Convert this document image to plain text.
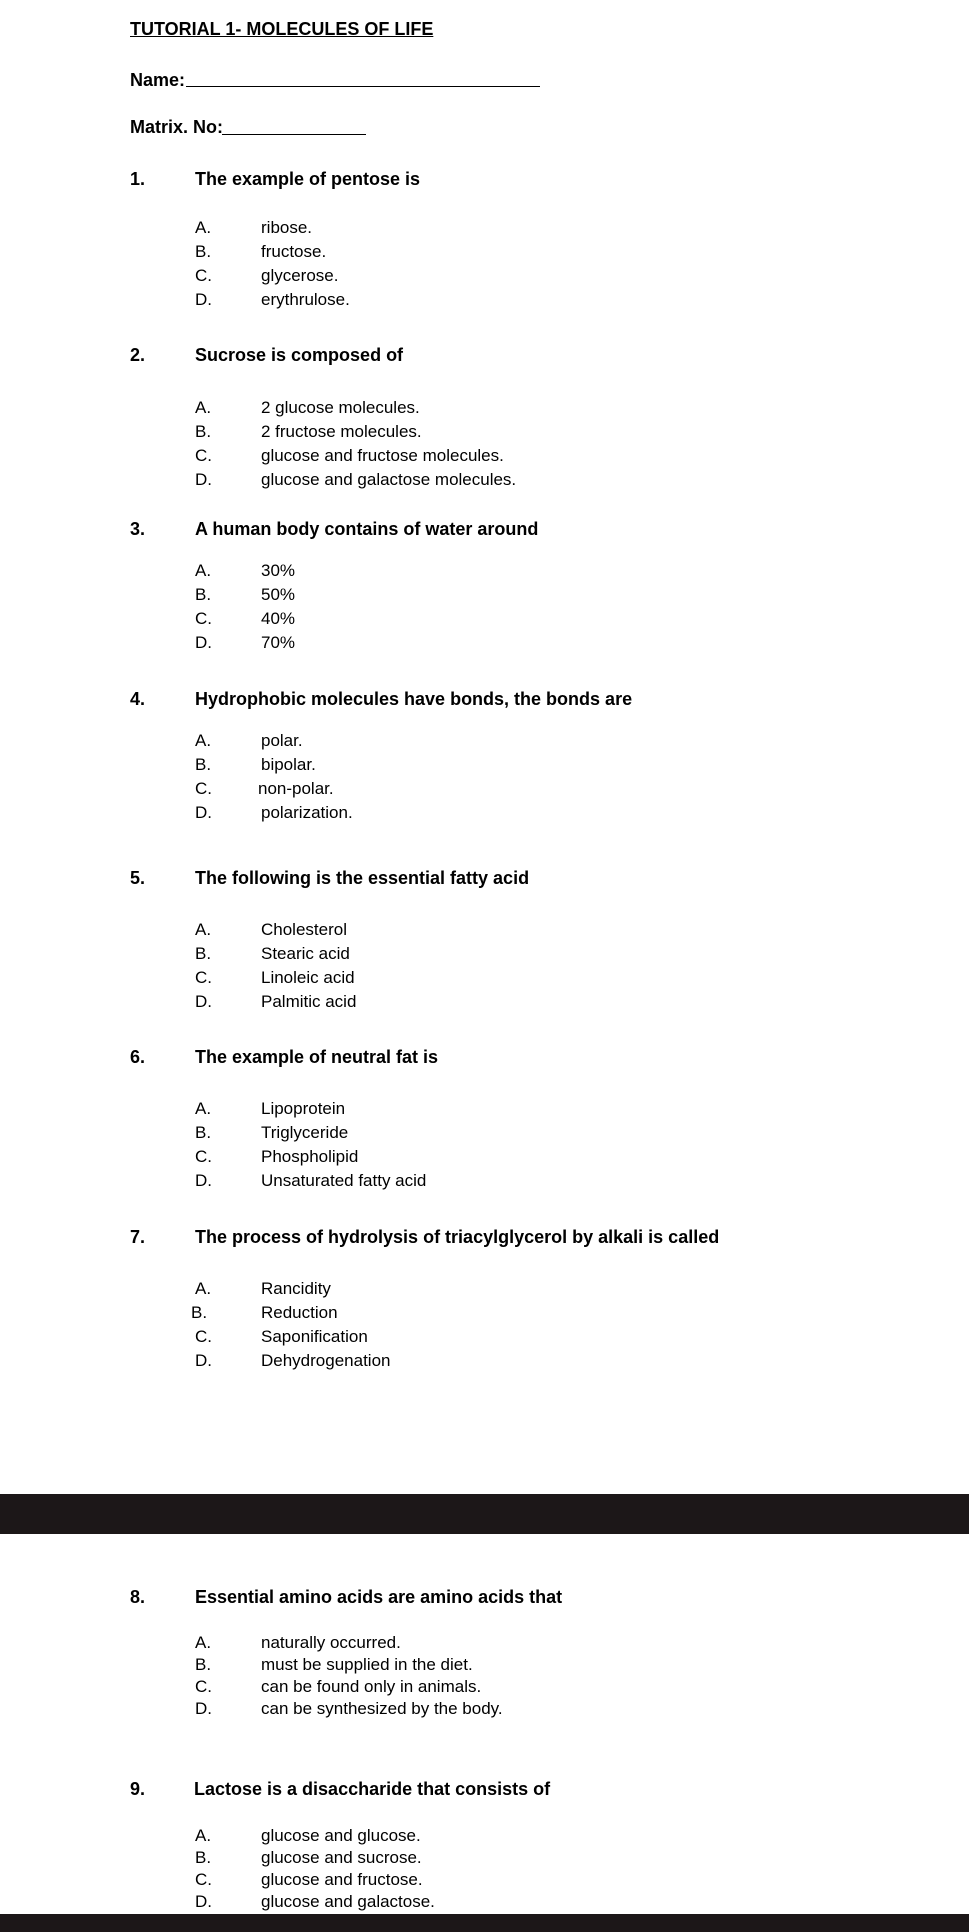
TUTORIAL 1- MOLECULES OF LIFE
Name:
Matrix. No:
1.	The example of pentose is
A.	ribose.
B.	fructose.
C.	glycerose.
D.	erythrulose.
2.	Sucrose is composed of
A.	2 glucose molecules.
B.	2 fructose molecules.
C.	glucose and fructose molecules.
D.	glucose and galactose molecules.
3.	A human body contains of water around
A.	30%
B.	50%
C.	40%
D.	70%
4.	Hydrophobic molecules have bonds, the bonds are
A.	polar.
B.	bipolar.
C.	non-polar.
D.	polarization.
5.	The following is the essential fatty acid
A.	Cholesterol
B.	Stearic acid
C.	Linoleic acid
D.	Palmitic acid
6.	The example of neutral fat is
A.	Lipoprotein
B.	Triglyceride
C.	Phospholipid
D.	Unsaturated fatty acid
7.	The process of hydrolysis of triacylglycerol by alkali is called
A.	Rancidity
B.	Reduction
C.	Saponification
D.	Dehydrogenation
8.	Essential amino acids are amino acids that
A.	naturally occurred.
B.	must be supplied in the diet.
C.	can be found only in animals.
D.	can be synthesized by the body.
9.	Lactose is a disaccharide that consists of
A.	glucose and glucose.
B.	glucose and sucrose.
C.	glucose and fructose.
D.	glucose and galactose.
